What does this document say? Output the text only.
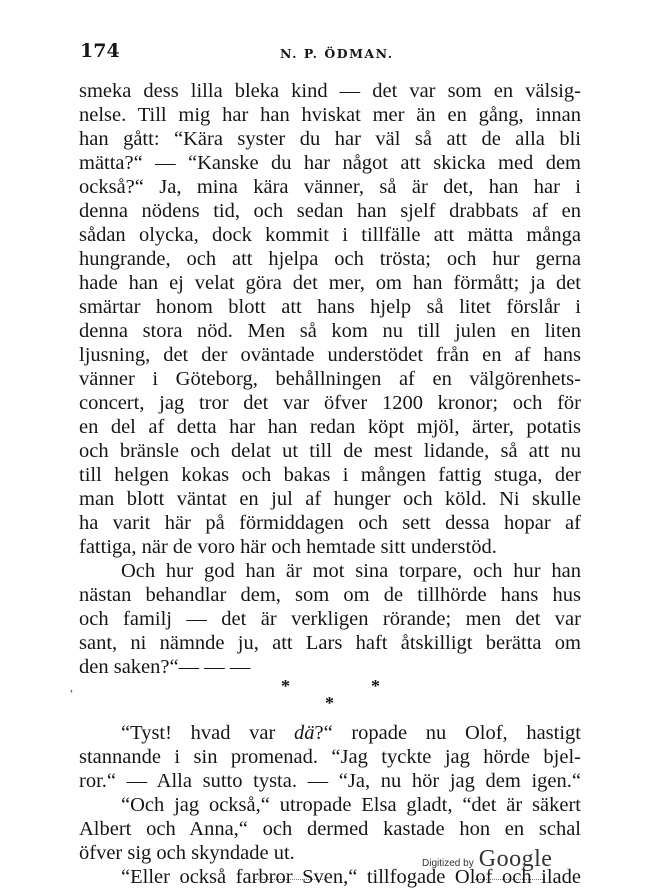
174	N. P. ÖDMAN.
smeka dess lilla bleka kind — det var som en välsig-
nelse. Till mig har han hviskat mer än en gång, innan
han gått: “Kära syster du har väl så att de alla bli
mätta?“ — “Kanske du har något att skicka med dem
också?“ Ja, mina kära vänner, så är det, han har i
denna nödens tid, och sedan han sjelf drabbats af en
sådan olycka, dock kommit i tillfälle att mätta många
hungrande, och att hjelpa och trösta; och hur gerna
hade han ej velat göra det mer, om han förmått; ja det
smärtar honom blott att hans hjelp så litet förslår i
denna stora nöd. Men så kom nu till julen en liten
ljusning, det der oväntade understödet från en af hans
vänner i Göteborg, behållningen af en välgörenhets-
concert, jag tror det var öfver 1200 kronor; och för
en del af detta har han redan köpt mjöl, ärter, potatis
och bränsle och delat ut till de mest lidande, så att nu
till helgen kokas och bakas i mången fattig stuga, der
man blott väntat en jul af hunger och köld. Ni skulle
ha varit här på förmiddagen och sett dessa hopar af
fattiga, när de voro här och hemtade sitt understöd.
Och hur god han är mot sina torpare, och hur han
nästan behandlar dem, som om de tillhörde hans hus
och familj — det är verkligen rörande; men det var
sant, ni nämnde ju, att Lars haft åtskilligt berätta om
den saken?“— — —
,	*	*
*
“Tyst! hvad var dä?“ ropade nu Olof, hastigt
stannande i sin promenad. “Jag tyckte jag hörde bjel-
ror.“ — Alla sutto tysta. — “Ja, nu hör jag dem igen.“
“Och jag också,“ utropade Elsa gladt, “det är säkert
Albert och Anna,“ och dermed kastade hon en schal
öfver sig och skyndade ut.	Digitized by Google
“Eller också farbror Sven,“ tillfogade Olof och ilade
